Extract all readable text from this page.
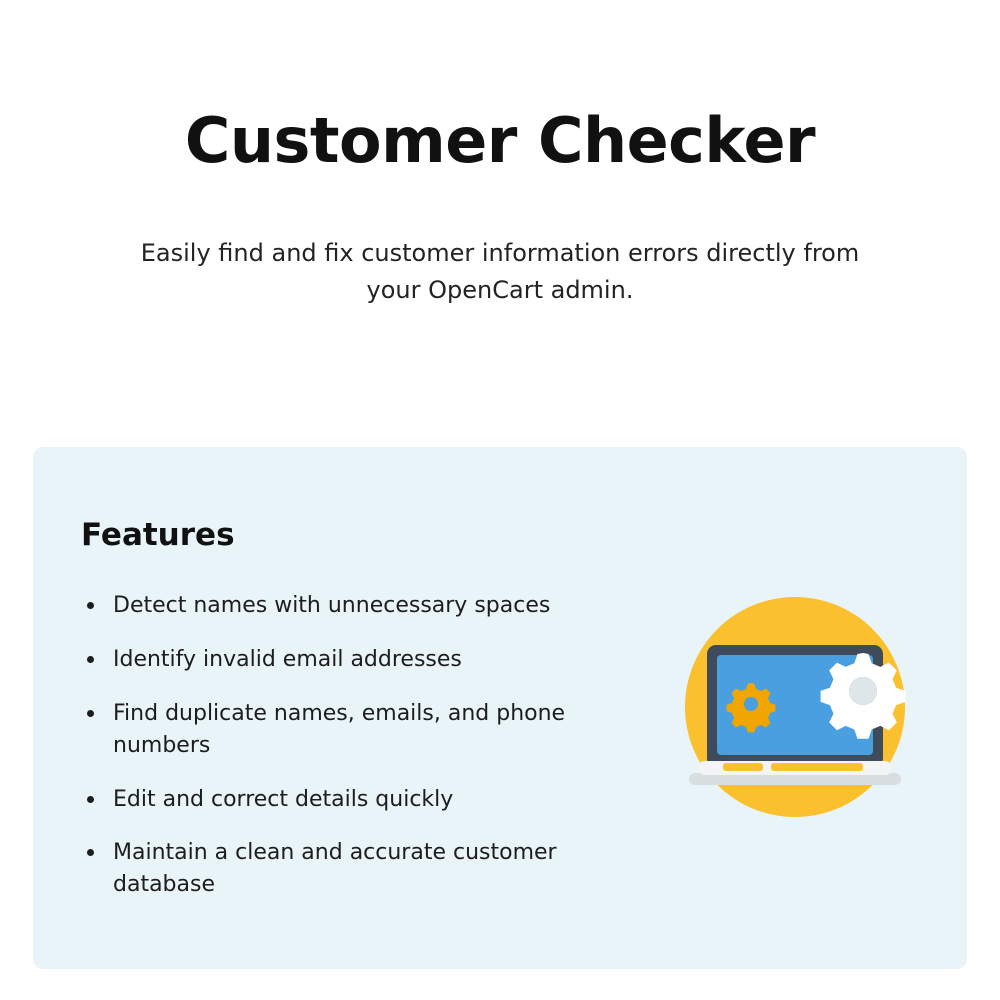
Customer Checker

Easily find and fix customer information errors directly from your OpenCart admin.

Features
Detect names with unnecessary spaces
Identify invalid email addresses
Find duplicate names, emails, and phone numbers
Edit and correct details quickly
Maintain a clean and accurate customer database
